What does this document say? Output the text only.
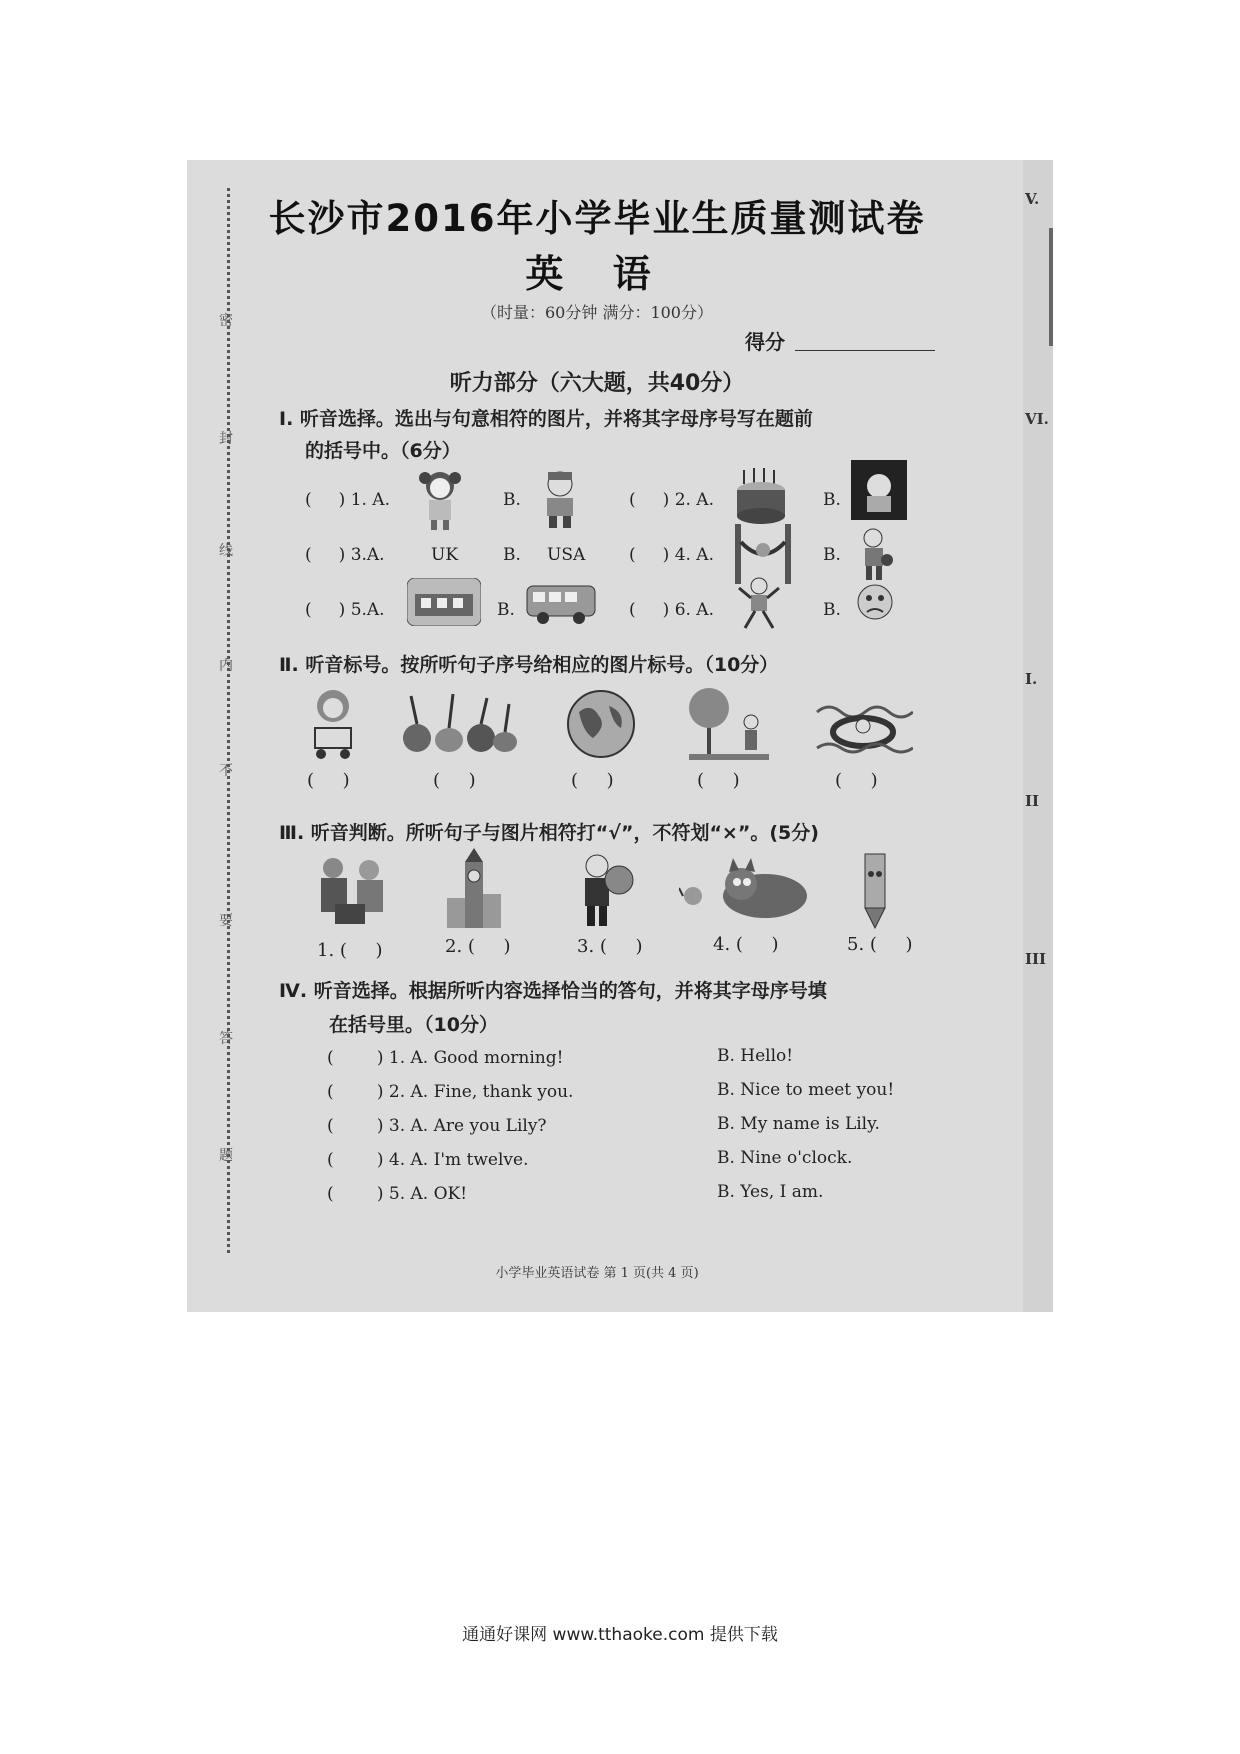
密
封
线
内
不
要
答
题
V.
VI.
I.
II
III
长沙市2016年小学毕业生质量测试卷
英 语
（时量：60分钟 满分：100分）
得分
听力部分（六大题，共40分）
Ⅰ. 听音选择。选出与句意相符的图片，并将其字母序号写在题前
的括号中。（6分）
(     ) 1. A.	B.	(     ) 2. A.	B.
(     ) 3.A.	UK	B. USA	(     ) 4. A.	B.
(     ) 5.A.	B.	(     ) 6. A.	B.
Ⅱ. 听音标号。按所听句子序号给相应的图片标号。（10分）
(     )	(     )	(     )	(     )	(     )
Ⅲ. 听音判断。所听句子与图片相符打“√”，不符划“×”。(5分)
1. (     )	2. (     )	3. (     )	4. (     )	5. (     )
Ⅳ. 听音选择。根据所听内容选择恰当的答句，并将其字母序号填
在括号里。（10分）
(        ) 1. A. Good morning!	B. Hello!
(        ) 2. A. Fine, thank you.	B. Nice to meet you!
(        ) 3. A. Are you Lily?	B. My name is Lily.
(        ) 4. A. I'm twelve.	B. Nine o'clock.
(        ) 5. A. OK!	B. Yes, I am.
小学毕业英语试卷 第 1 页(共 4 页)
通通好课网 www.tthaoke.com 提供下载
